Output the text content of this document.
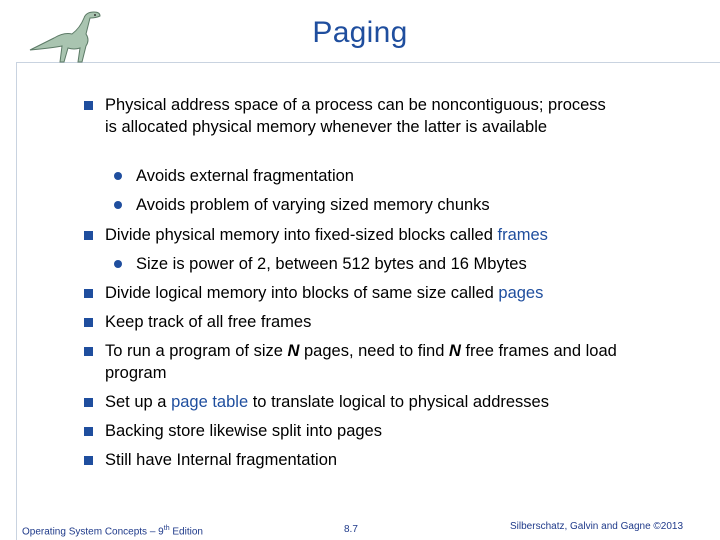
Paging
Physical address space of a process can be noncontiguous; process is allocated physical memory whenever the latter is available
Avoids external fragmentation
Avoids problem of varying sized memory chunks
Divide physical memory into fixed-sized blocks called frames
Size is power of 2, between 512 bytes and 16 Mbytes
Divide logical memory into blocks of same size called pages
Keep track of all free frames
To run a program of size N pages, need to find N free frames and load program
Set up a page table to translate logical to physical addresses
Backing store likewise split into pages
Still have Internal fragmentation
Operating System Concepts – 9th Edition	8.7	Silberschatz, Galvin and Gagne ©2013
